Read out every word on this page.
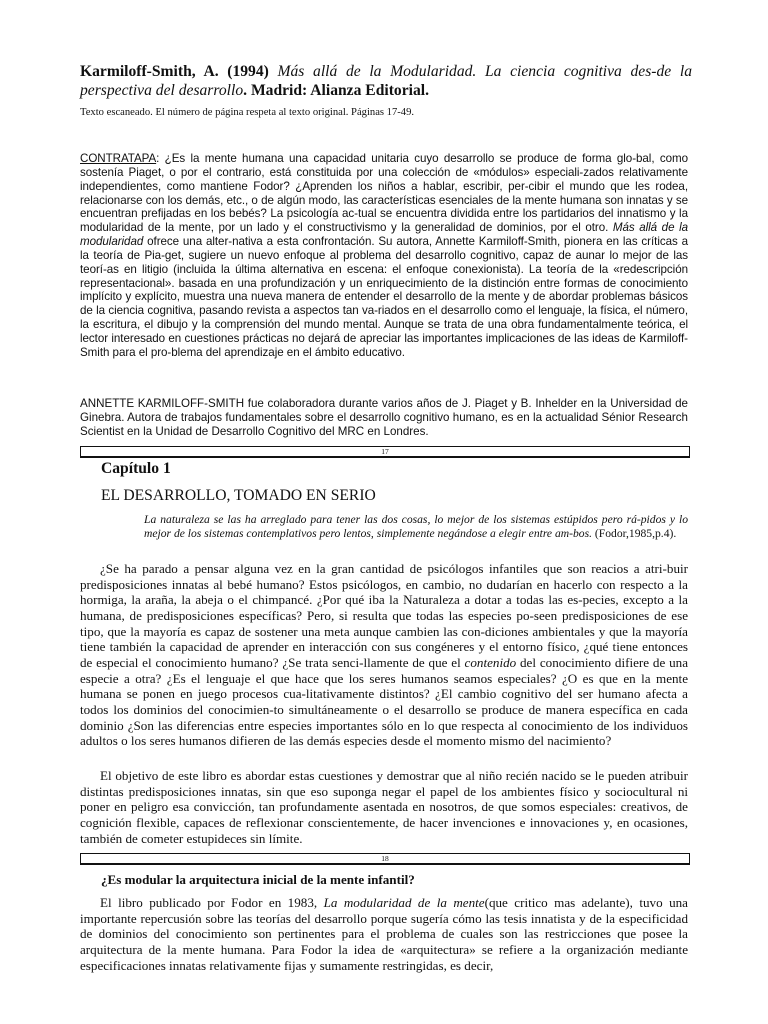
Karmiloff-Smith, A. (1994) Más allá de la Modularidad. La ciencia cognitiva des-de la perspectiva del desarrollo. Madrid: Alianza Editorial.
Texto escaneado. El número de página respeta al texto original. Páginas 17-49.
CONTRATAPA: ¿Es la mente humana una capacidad unitaria cuyo desarrollo se produce de forma glo-bal, como sostenía Piaget, o por el contrario, está constituida por una colección de «módulos» especiali-zados relativamente independientes, como mantiene Fodor? ¿Aprenden los niños a hablar, escribir, per-cibir el mundo que les rodea, relacionarse con los demás, etc., o de algún modo, las características esenciales de la mente humana son innatas y se encuentran prefijadas en los bebés? La psicología ac-tual se encuentra dividida entre los partidarios del innatismo y la modularidad de la mente, por un lado y el constructivismo y la generalidad de dominios, por el otro. Más allá de la modularidad ofrece una alter-nativa a esta confrontación. Su autora, Annette Karmiloff-Smith, pionera en las críticas a la teoría de Pia-get, sugiere un nuevo enfoque al problema del desarrollo cognitivo, capaz de aunar lo mejor de las teorí-as en litigio (incluida la última alternativa en escena: el enfoque conexionista). La teoría de la «redescripción representacional». basada en una profundización y un enriquecimiento de la distinción entre formas de conocimiento implícito y explícito, muestra una nueva manera de entender el desarrollo de la mente y de abordar problemas básicos de la ciencia cognitiva, pasando revista a aspectos tan va-riados en el desarrollo como el lenguaje, la física, el número, la escritura, el dibujo y la comprensión del mundo mental. Aunque se trata de una obra fundamentalmente teórica, el lector interesado en cuestiones prácticas no dejará de apreciar las importantes implicaciones de las ideas de Karmiloff-Smith para el pro-blema del aprendizaje en el ámbito educativo.
ANNETTE KARMILOFF-SMITH fue colaboradora durante varios años de J. Piaget y B. Inhelder en la Universidad de Ginebra. Autora de trabajos fundamentales sobre el desarrollo cognitivo humano, es en la actualidad Sénior Research Scientist en la Unidad de Desarrollo Cognitivo del MRC en Londres.
17
Capítulo 1
EL DESARROLLO, TOMADO EN SERIO
La naturaleza se las ha arreglado para tener las dos cosas, lo mejor de los sistemas estúpidos pero rá-pidos y lo mejor de los sistemas contemplativos pero lentos, simplemente negándose a elegir entre am-bos. (Fodor,1985,p.4).
¿Se ha parado a pensar alguna vez en la gran cantidad de psicólogos infantiles que son reacios a atri-buir predisposiciones innatas al bebé humano? Estos psicólogos, en cambio, no dudarían en hacerlo con respecto a la hormiga, la araña, la abeja o el chimpancé. ¿Por qué iba la Naturaleza a dotar a todas las es-pecies, excepto a la humana, de predisposiciones específicas? Pero, si resulta que todas las especies po-seen predisposiciones de ese tipo, que la mayoría es capaz de sostener una meta aunque cambien las con-diciones ambientales y que la mayoría tiene también la capacidad de aprender en interacción con sus congéneres y el entorno físico, ¿qué tiene entonces de especial el conocimiento humano? ¿Se trata senci-llamente de que el contenido del conocimiento difiere de una especie a otra? ¿Es el lenguaje el que hace que los seres humanos seamos especiales? ¿O es que en la mente humana se ponen en juego procesos cua-litativamente distintos? ¿El cambio cognitivo del ser humano afecta a todos los dominios del conocimien-to simultáneamente o el desarrollo se produce de manera específica en cada dominio ¿Son las diferencias entre especies importantes sólo en lo que respecta al conocimiento de los individuos adultos o los seres humanos difieren de las demás especies desde el momento mismo del nacimiento?
El objetivo de este libro es abordar estas cuestiones y demostrar que al niño recién nacido se le pueden atribuir distintas predisposiciones innatas, sin que eso suponga negar el papel de los ambientes físico y sociocultural ni poner en peligro esa convicción, tan profundamente asentada en nosotros, de que somos especiales: creativos, de cognición flexible, capaces de reflexionar conscientemente, de hacer invenciones e innovaciones y, en ocasiones, también de cometer estupideces sin límite.
18
¿Es modular la arquitectura inicial de la mente infantil?
El libro publicado por Fodor en 1983, La modularidad de la mente(que critico mas adelante), tuvo una importante repercusión sobre las teorías del desarrollo porque sugería cómo las tesis innatista y de la especificidad de dominios del conocimiento son pertinentes para el problema de cuales son las restricciones que posee la arquitectura de la mente humana. Para Fodor la idea de «arquitectura» se refiere a la organización mediante especificaciones innatas relativamente fijas y sumamente restringidas, es decir,
